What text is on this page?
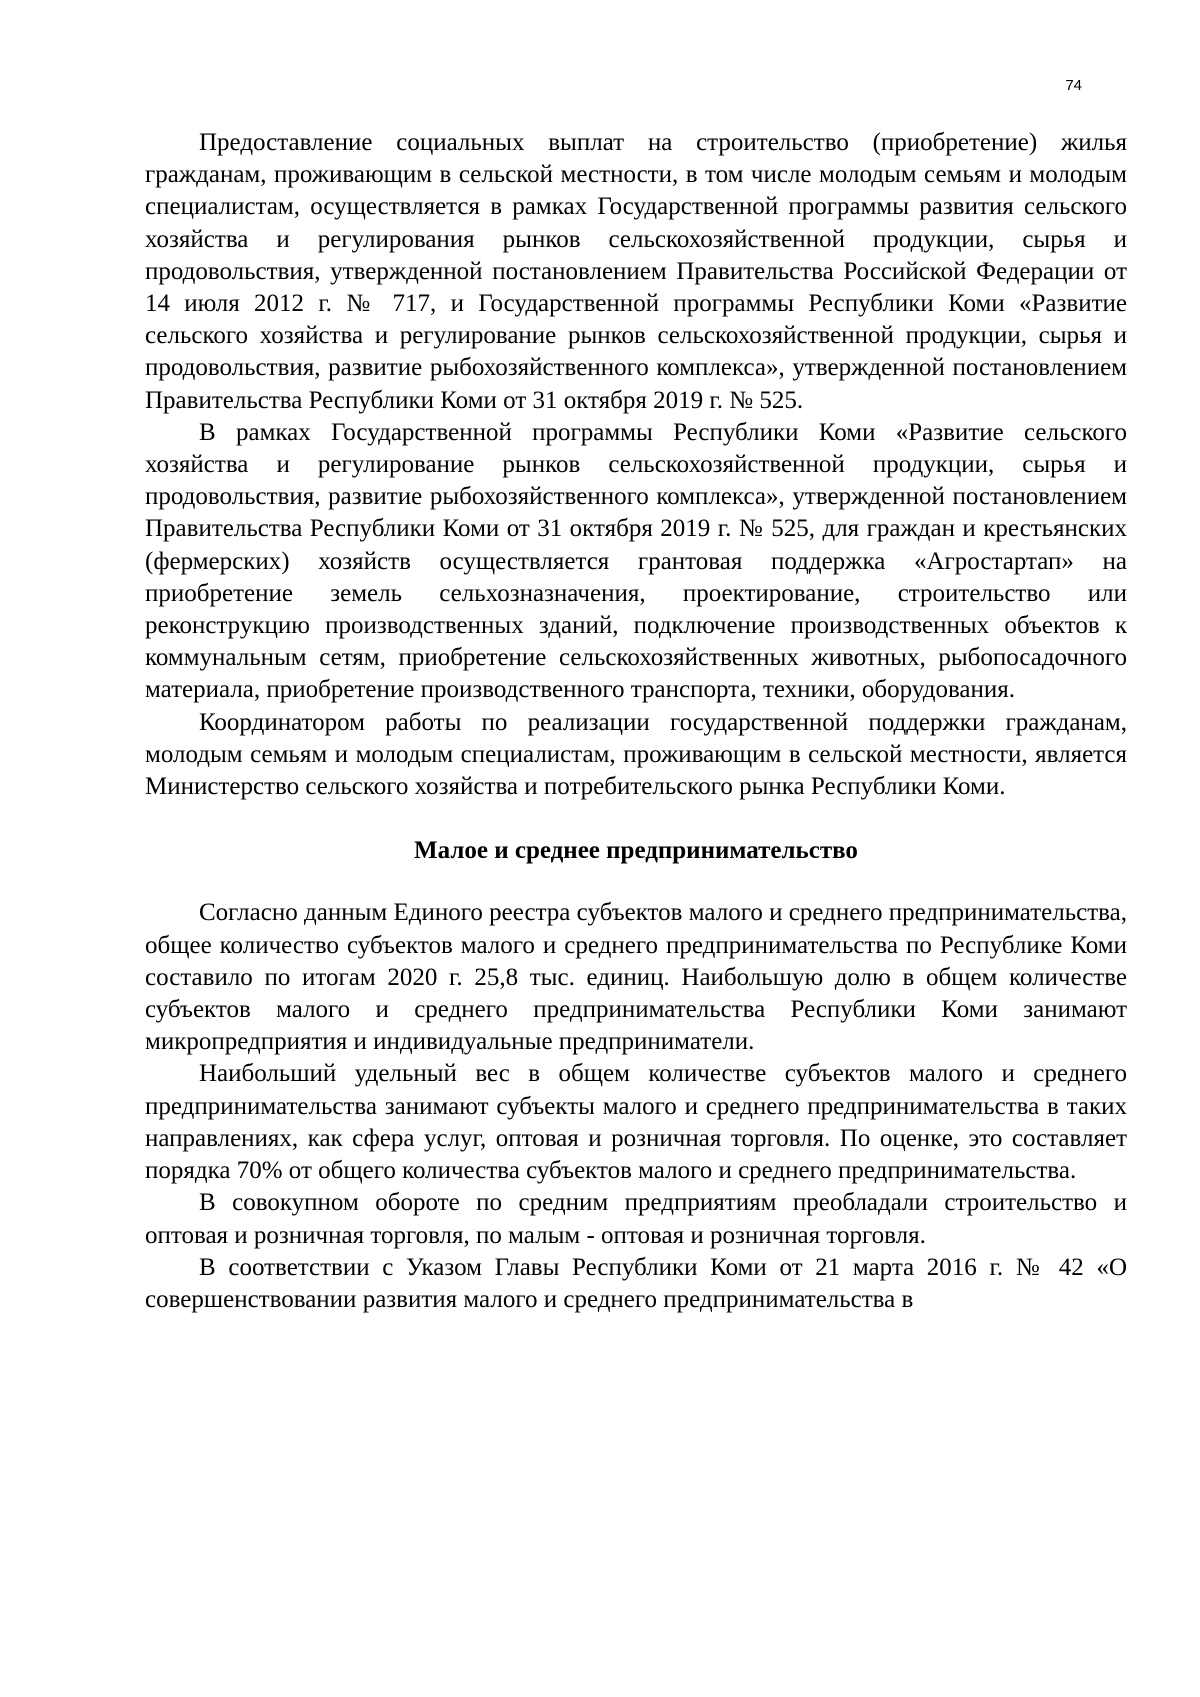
74

Предоставление социальных выплат на строительство (приобретение) жилья гражданам, проживающим в сельской местности, в том числе молодым семьям и молодым специалистам, осуществляется в рамках Государственной программы развития сельского хозяйства и регулирования рынков сельскохозяйственной продукции, сырья и продовольствия, утвержденной постановлением Правительства Российской Федерации от 14 июля 2012 г. № 717, и Государственной программы Республики Коми «Развитие сельского хозяйства и регулирование рынков сельскохозяйственной продукции, сырья и продовольствия, развитие рыбохозяйственного комплекса», утвержденной постановлением Правительства Республики Коми от 31 октября 2019 г. № 525.

В рамках Государственной программы Республики Коми «Развитие сельского хозяйства и регулирование рынков сельскохозяйственной продукции, сырья и продовольствия, развитие рыбохозяйственного комплекса», утвержденной постановлением Правительства Республики Коми от 31 октября 2019 г. № 525, для граждан и крестьянских (фермерских) хозяйств осуществляется грантовая поддержка «Агростартап» на приобретение земель сельхозназначения, проектирование, строительство или реконструкцию производственных зданий, подключение производственных объектов к коммунальным сетям, приобретение сельскохозяйственных животных, рыбопосадочного материала, приобретение производственного транспорта, техники, оборудования.

Координатором работы по реализации государственной поддержки гражданам, молодым семьям и молодым специалистам, проживающим в сельской местности, является Министерство сельского хозяйства и потребительского рынка Республики Коми.

Малое и среднее предпринимательство

Согласно данным Единого реестра субъектов малого и среднего предпринимательства, общее количество субъектов малого и среднего предпринимательства по Республике Коми составило по итогам 2020 г. 25,8 тыс. единиц. Наибольшую долю в общем количестве субъектов малого и среднего предпринимательства Республики Коми занимают микропредприятия и индивидуальные предприниматели.

Наибольший удельный вес в общем количестве субъектов малого и среднего предпринимательства занимают субъекты малого и среднего предпринимательства в таких направлениях, как сфера услуг, оптовая и розничная торговля. По оценке, это составляет порядка 70% от общего количества субъектов малого и среднего предпринимательства.

В совокупном обороте по средним предприятиям преобладали строительство и оптовая и розничная торговля, по малым - оптовая и розничная торговля.

В соответствии с Указом Главы Республики Коми от 21 марта 2016 г. № 42 «О совершенствовании развития малого и среднего предпринимательства в
